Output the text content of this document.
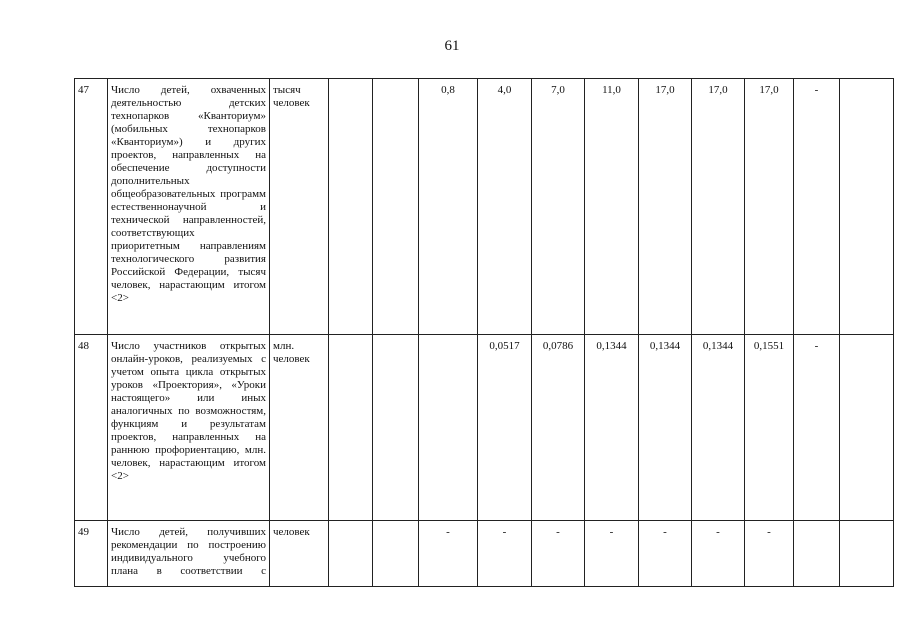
61
47	Число детей, охваченных деятельностью детских технопарков «Кванториум» (мобильных технопарков «Кванториум») и других проектов, направленных на обеспечение доступности дополнительных общеобразовательных программ естественнонаучной и технической направленностей, соответствующих приоритетным направлениям технологического развития Российской Федерации, тысяч человек, нарастающим итогом <2>	тысяч человек			0,8	4,0	7,0	11,0	17,0	17,0	17,0	-	
48	Число участников открытых онлайн-уроков, реализуемых с учетом опыта цикла открытых уроков «Проектория», «Уроки настоящего» или иных аналогичных по возможностям, функциям и результатам проектов, направленных на раннюю профориентацию, млн. человек, нарастающим итогом <2>	млн. человек				0,0517	0,0786	0,1344	0,1344	0,1344	0,1551	-	
49	Число детей, получивших рекомендации по построению индивидуального учебного плана в соответствии с	человек			-	-	-	-	-	-	-		
